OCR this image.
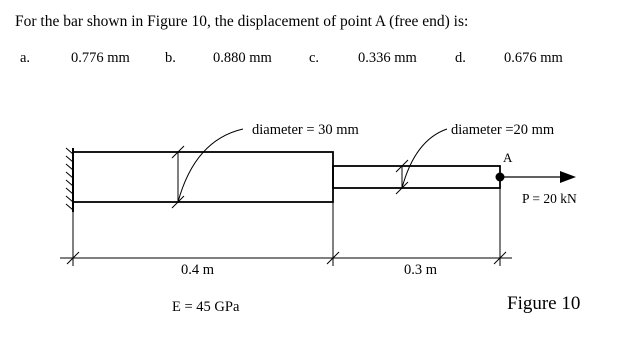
For the bar shown in Figure 10, the displacement of point A (free end) is:
a.	0.776 mm b.	0.880 mm	c.	0.336 mm	d.	0.676 mm
diameter = 30 mm	diameter =20 mm
A
P = 20 kN
0.4 m	0.3 m
E = 45 GPa	Figure 10
